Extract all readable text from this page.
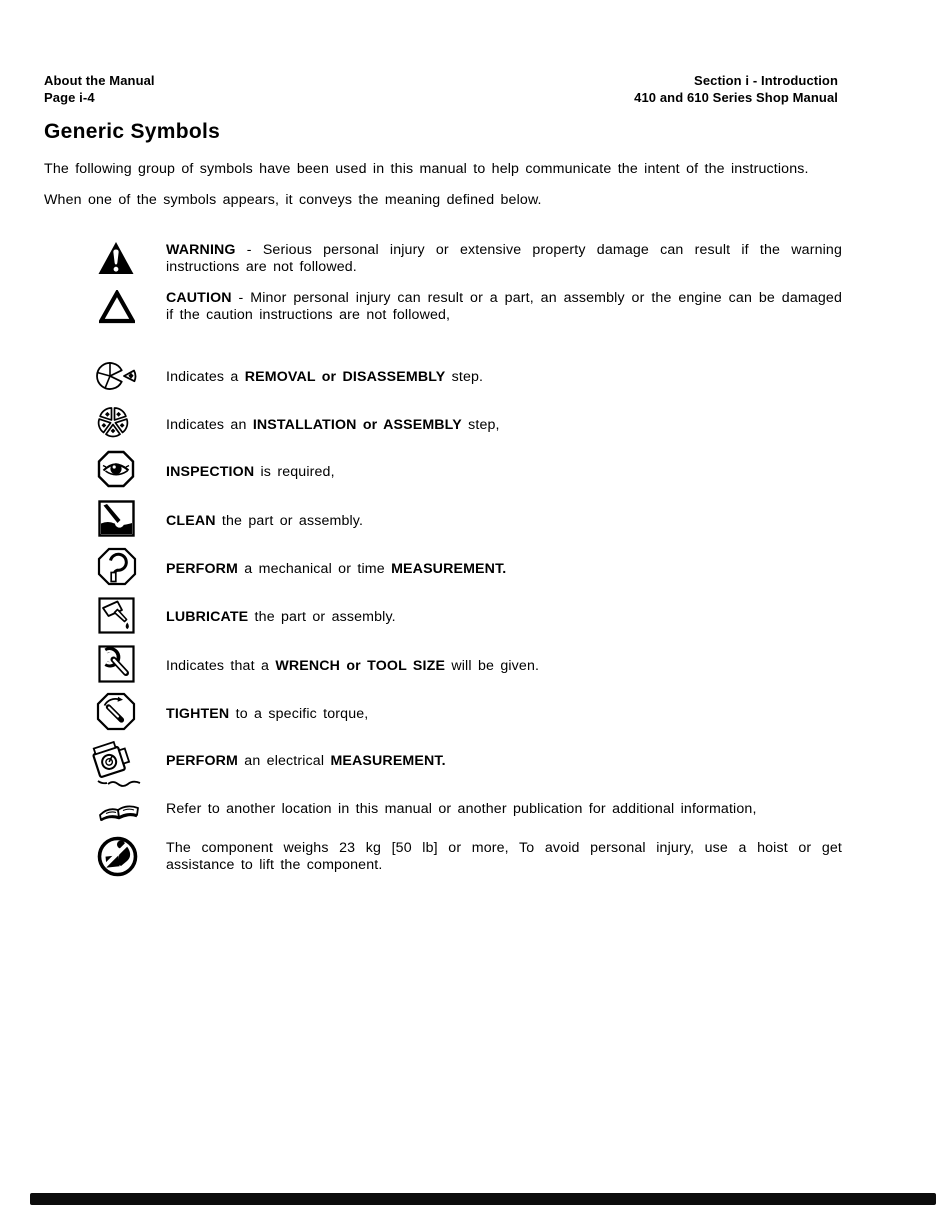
About the Manual
Page i-4
Section i - Introduction
410 and 610 Series Shop Manual
Generic Symbols
The following group of symbols have been used in this manual to help communicate the intent of the instructions.
When one of the symbols appears, it conveys the meaning defined below.
WARNING - Serious personal injury or extensive property damage can result if the warning instructions are not followed.
CAUTION - Minor personal injury can result or a part, an assembly or the engine can be damaged if the caution instructions are not followed,
Indicates a REMOVAL or DISASSEMBLY step.
Indicates an INSTALLATION or ASSEMBLY step,
INSPECTION is required,
CLEAN the part or assembly.
PERFORM a mechanical or time MEASUREMENT.
LUBRICATE the part or assembly.
Indicates that a WRENCH or TOOL SIZE will be given.
TIGHTEN to a specific torque,
PERFORM an electrical MEASUREMENT.
Refer to another location in this manual or another publication for additional information,
The component weighs 23 kg [50 lb] or more, To avoid personal injury, use a hoist or get assistance to lift the component.
